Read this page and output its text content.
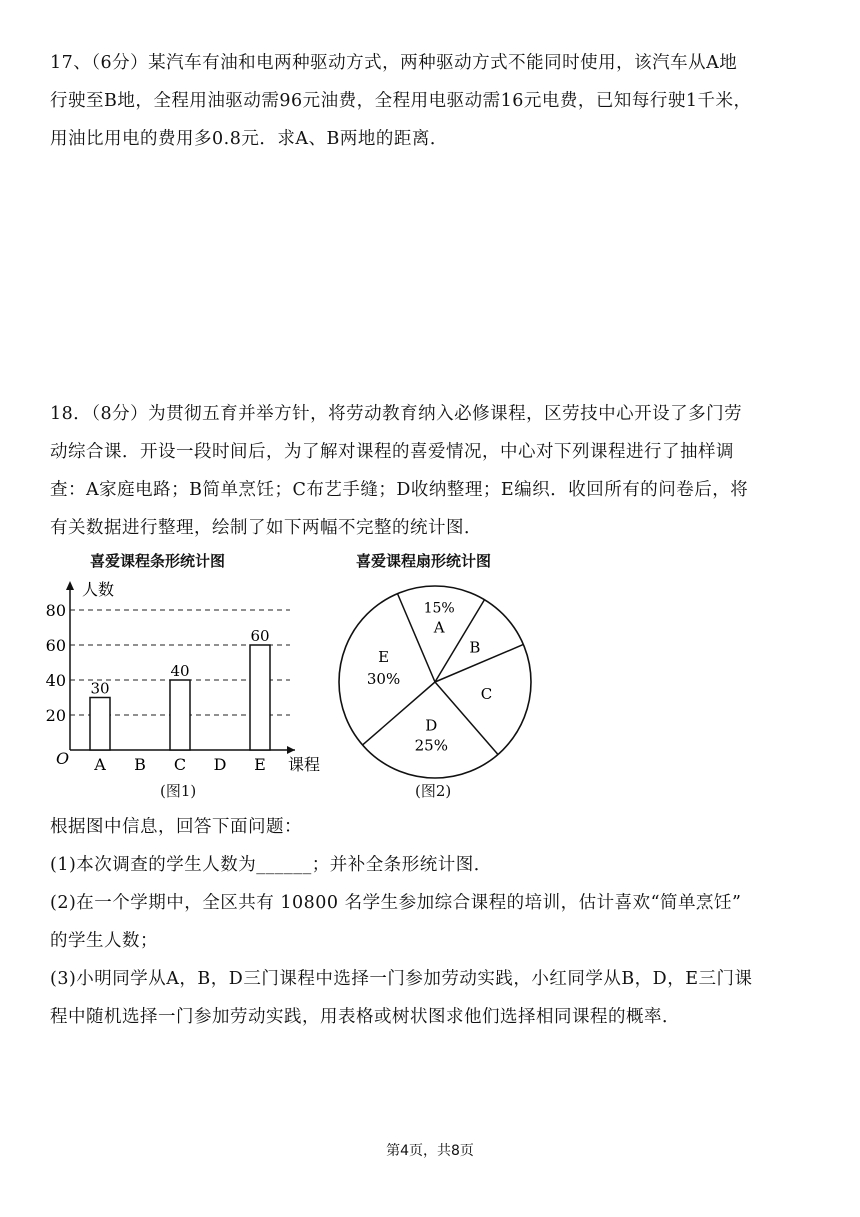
17、（6分）某汽车有油和电两种驱动方式，两种驱动方式不能同时使用，该汽车从A地
行驶至B地，全程用油驱动需96元油费，全程用电驱动需16元电费，已知每行驶1千米，
用油比用电的费用多0.8元．求A、B两地的距离．
18．（8分）为贯彻五育并举方针，将劳动教育纳入必修课程，区劳技中心开设了多门劳
动综合课．开设一段时间后，为了解对课程的喜爱情况，中心对下列课程进行了抽样调
查：A家庭电路；B简单烹饪；C布艺手缝；D收纳整理；E编织．收回所有的问卷后，将
有关数据进行整理，绘制了如下两幅不完整的统计图．
喜爱课程条形统计图	喜爱课程扇形统计图
20
40
60
80
人数
课程
O A
30
B C
40
D E
60
(图1)
15%
A
B
C
D
25%
E
30%
(图2)
根据图中信息，回答下面问题：
(1)本次调查的学生人数为______；并补全条形统计图．
(2)在一个学期中，全区共有 10800 名学生参加综合课程的培训，估计喜欢“简单烹饪”
的学生人数；
(3)小明同学从A，B，D三门课程中选择一门参加劳动实践，小红同学从B，D，E三门课
程中随机选择一门参加劳动实践，用表格或树状图求他们选择相同课程的概率．
第4页，共8页
